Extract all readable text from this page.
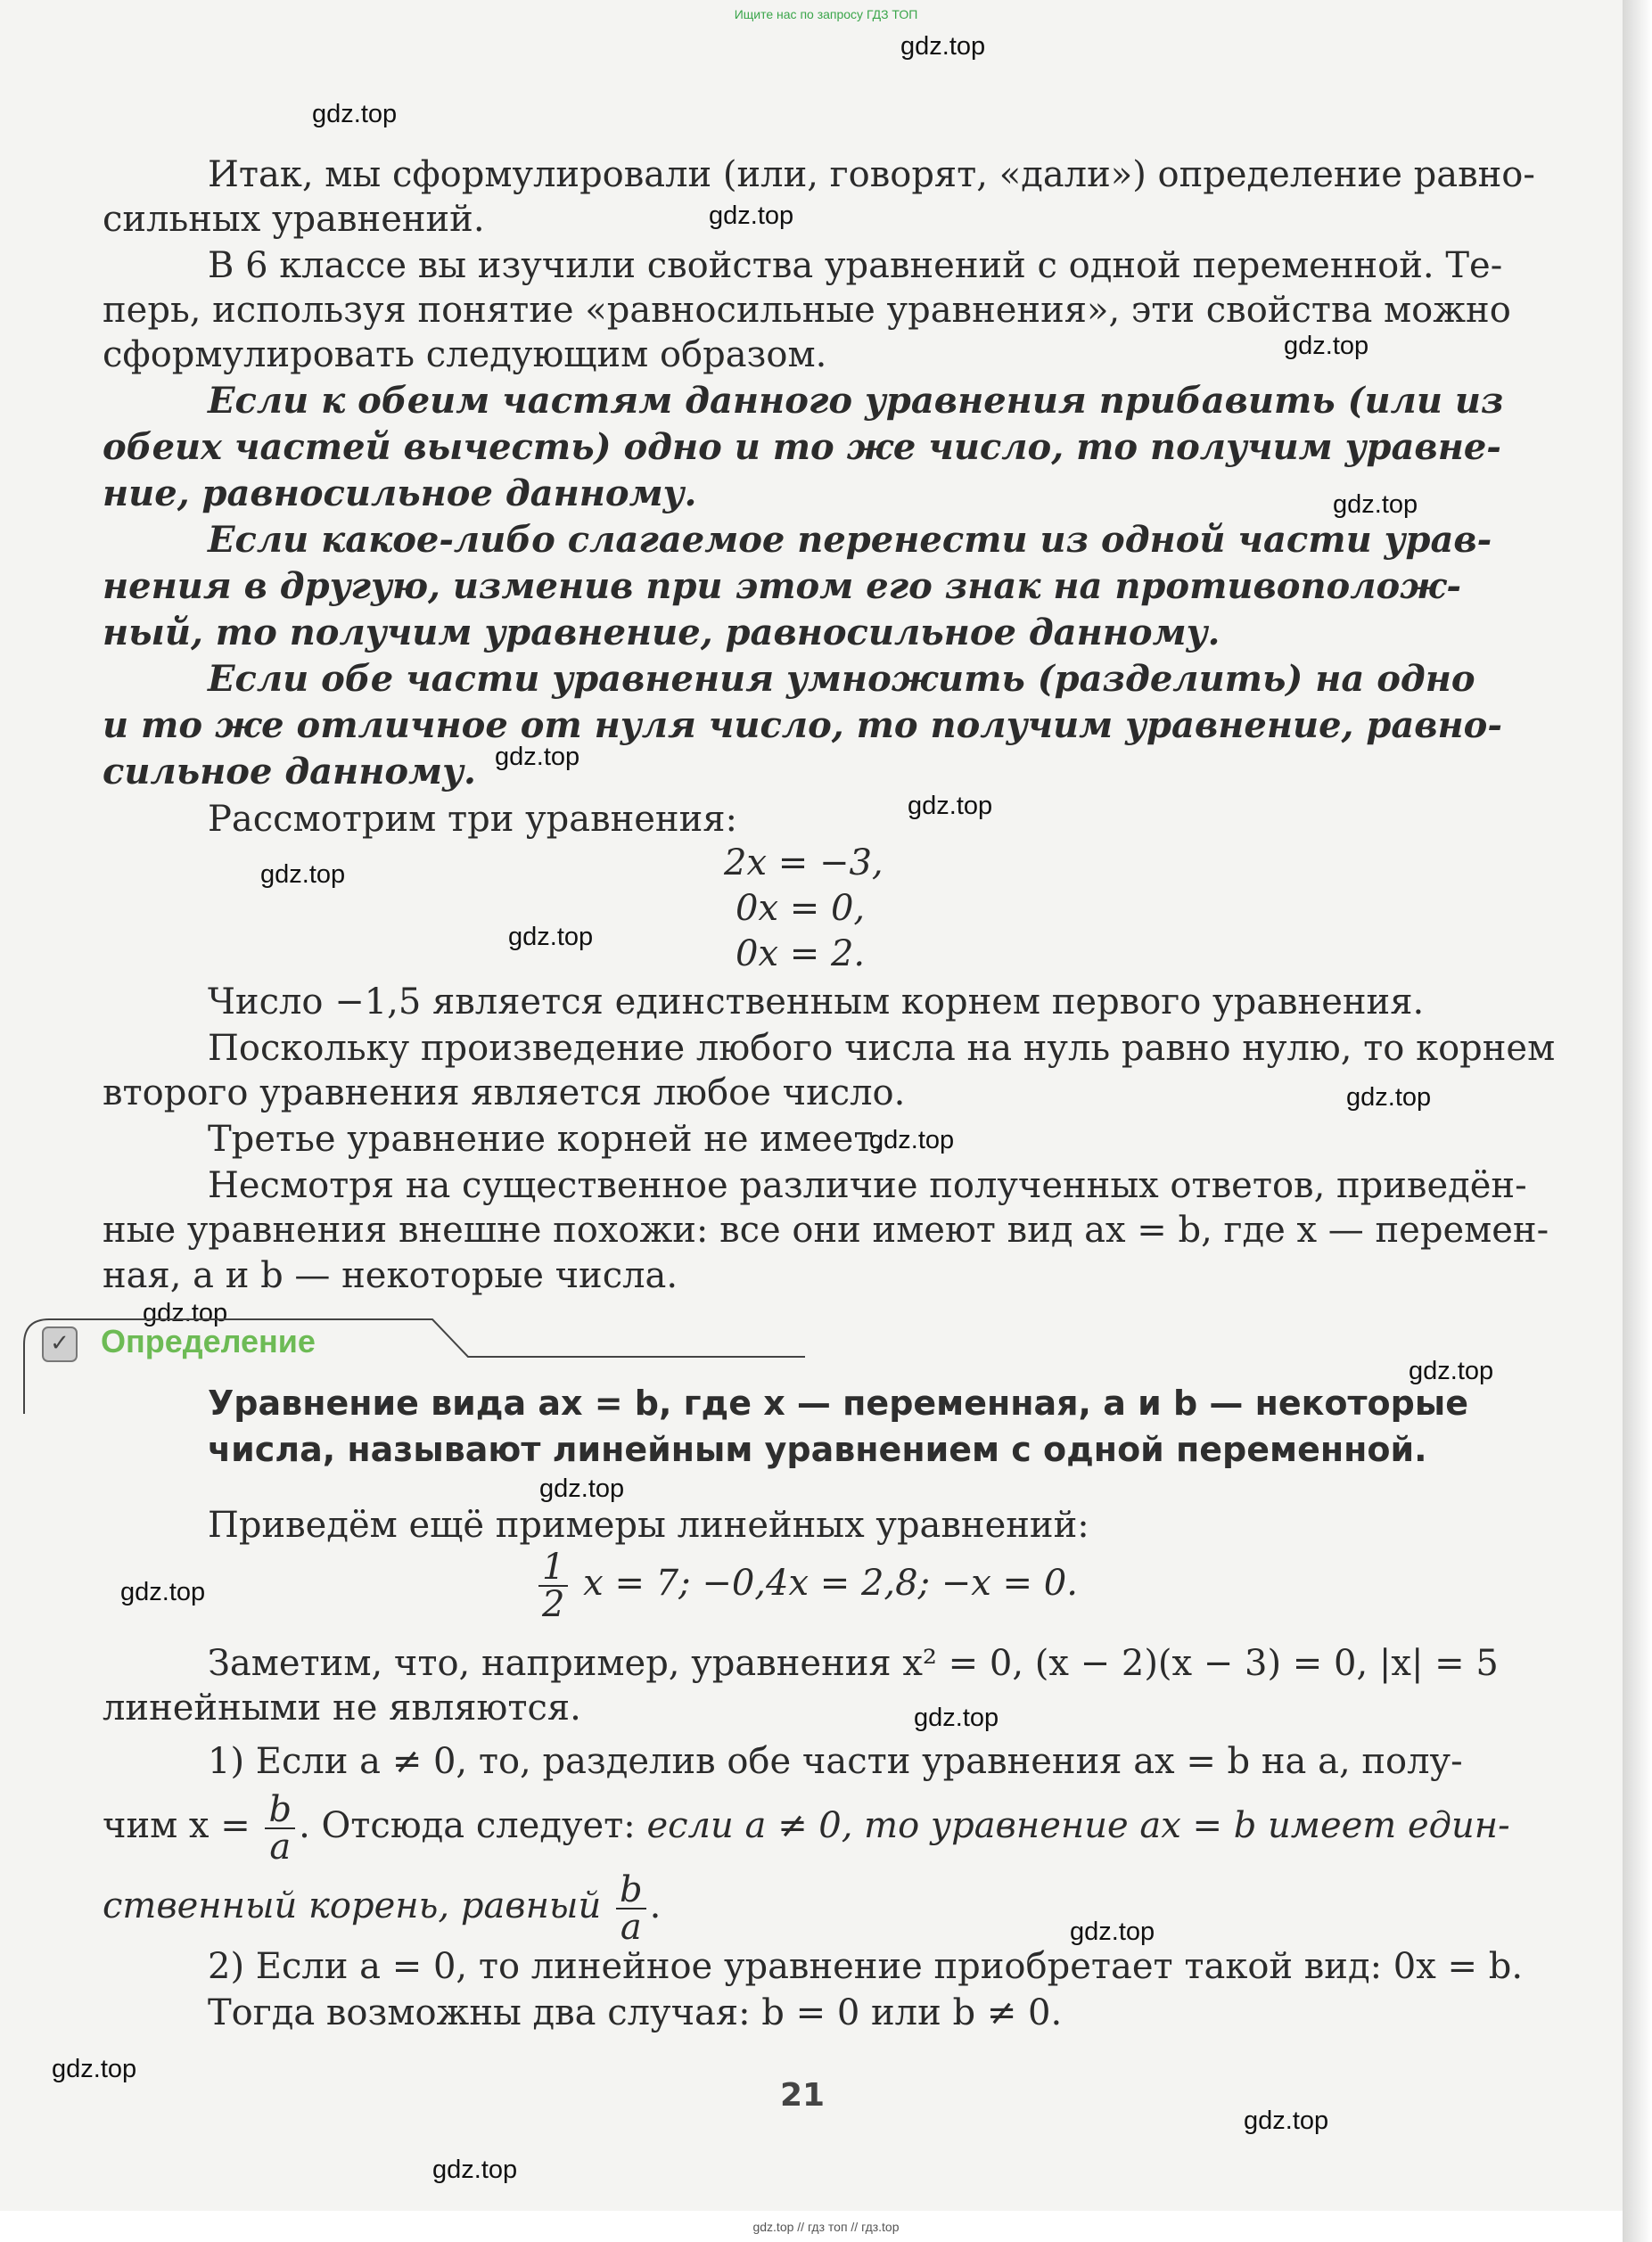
Ищите нас по запросу ГДЗ ТОП
gdz.top
gdz.top
gdz.top
gdz.top
gdz.top
gdz.top
gdz.top
gdz.top
gdz.top
gdz.top
gdz.top
gdz.top
gdz.top
gdz.top
gdz.top
gdz.top
gdz.top
gdz.top
gdz.top
gdz.top
Итак, мы сформулировали (или, говорят, «дали») определение равно-
сильных уравнений.
В 6 классе вы изучили свойства уравнений с одной переменной. Те-
перь, используя понятие «равносильные уравнения», эти свойства можно
сформулировать следующим образом.
Если к обеим частям данного уравнения прибавить (или из
обеих частей вычесть) одно и то же число, то получим уравне-
ние, равносильное данному.
Если какое-либо слагаемое перенести из одной части урав-
нения в другую, изменив при этом его знак на противополож-
ный, то получим уравнение, равносильное данному.
Если обе части уравнения умножить (разделить) на одно
и то же отличное от нуля число, то получим уравнение, равно-
сильное данному.
Рассмотрим три уравнения:
2x = −3,
0x = 0,
0x = 2.
Число −1,5 является единственным корнем первого уравнения.
Поскольку произведение любого числа на нуль равно нулю, то корнем
второго уравнения является любое число.
Третье уравнение корней не имеет.
Несмотря на существенное различие полученных ответов, приведён-
ные уравнения внешне похожи: все они имеют вид ax = b, где x — перемен-
ная, a и b — некоторые числа.
✓ Определение
Уравнение вида ax = b, где x — переменная, a и b — некоторые
числа, называют линейным уравнением с одной переменной.
Приведём ещё примеры линейных уравнений:
$\frac{1}{2}$ x = 7; −0,4x = 2,8; −x = 0.
Заметим, что, например, уравнения x² = 0, (x − 2)(x − 3) = 0, |x| = 5
линейными не являются.
1) Если a ≠ 0, то, разделив обе части уравнения ax = b на a, полу-
чим $x = \frac{b}{a}$ . Отсюда следует: если a ≠ 0, то уравнение ax = b имеет един-
ственный корень, равный $\frac{b}{a}$ .
2) Если a = 0, то линейное уравнение приобретает такой вид: 0x = b.
Тогда возможны два случая: b = 0 или b ≠ 0.
21
gdz.top // гдз топ // гдз.top
